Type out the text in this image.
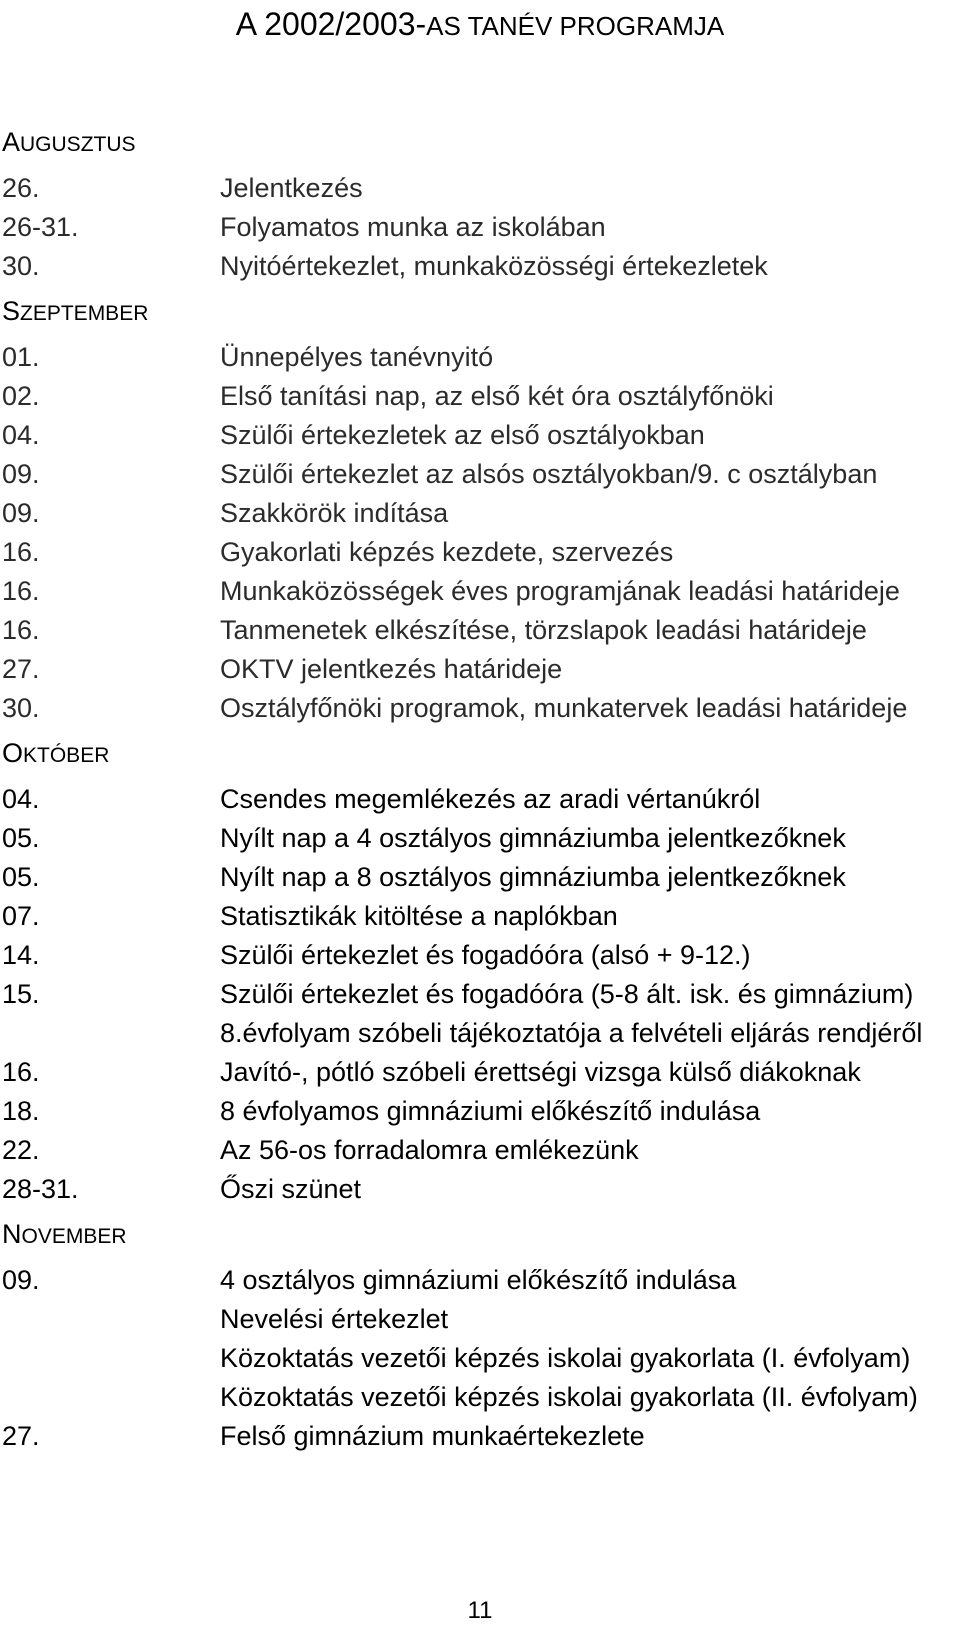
A 2002/2003-AS TANÉV PROGRAMJA
AUGUSZTUS
26.	Jelentkezés
26-31.	Folyamatos munka az iskolában
30.	Nyitóértekezlet, munkaközösségi értekezletek
SZEPTEMBER
01.	Ünnepélyes tanévnyitó
02.	Első tanítási nap, az első két óra osztályfőnöki
04.	Szülői értekezletek az első osztályokban
09.	Szülői értekezlet az alsós osztályokban/9. c osztályban
09.	Szakkörök indítása
16.	Gyakorlati képzés kezdete, szervezés
16.	Munkaközösségek éves programjának leadási határideje
16.	Tanmenetek elkészítése, törzslapok leadási határideje
27.	OKTV jelentkezés határideje
30.	Osztályfőnöki programok, munkatervek leadási határideje
OKTÓBER
04.	Csendes megemlékezés az aradi vértanúkról
05.	Nyílt nap a 4 osztályos gimnáziumba jelentkezőknek
05.	Nyílt nap a 8 osztályos gimnáziumba jelentkezőknek
07.	Statisztikák kitöltése a naplókban
14.	Szülői értekezlet és fogadóóra (alsó + 9-12.)
15.	Szülői értekezlet és fogadóóra (5-8 ált. isk. és gimnázium)
8.évfolyam szóbeli tájékoztatója a felvételi eljárás rendjéről
16.	Javító-, pótló szóbeli érettségi vizsga külső diákoknak
18.	8 évfolyamos gimnáziumi előkészítő indulása
22.	Az 56-os forradalomra emlékezünk
28-31.	Őszi szünet
NOVEMBER
09.	4 osztályos gimnáziumi előkészítő indulása
Nevelési értekezlet
Közoktatás vezetői képzés iskolai gyakorlata (I. évfolyam)
Közoktatás vezetői képzés iskolai gyakorlata (II. évfolyam)
27.	Felső gimnázium munkaértekezlete
11
